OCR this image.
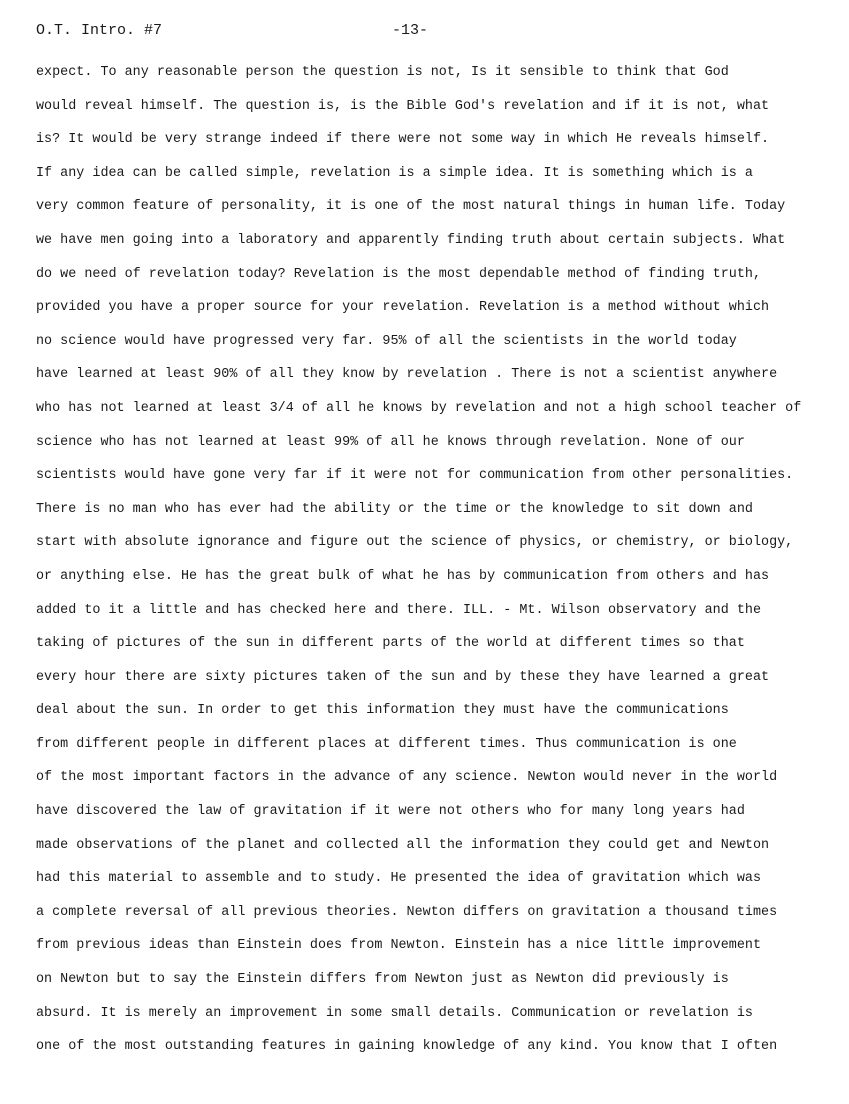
O.T. Intro. #7	-13-
expect. To any reasonable person the question is not, Is it sensible to think that God
would reveal himself. The question is, is the Bible God's revelation and if it is not, what
is? It would be very strange indeed if there were not some way in which He reveals himself.
If any idea can be called simple, revelation is a simple idea. It is something which is a
very common feature of personality, it is one of the most natural things in human life. Today
we have men going into a laboratory and apparently finding truth about certain subjects. What
do we need of revelation today? Revelation is the most dependable method of finding truth,
provided you have a proper source for your revelation. Revelation is a method without which
no science would have progressed very far. 95% of all the scientists in the world today
have learned at least 90% of all they know by revelation . There is not a scientist anywhere
who has not learned at least 3/4 of all he knows by revelation and not a high school teacher of
science who has not learned at least 99% of all he knows through revelation. None of our
scientists would have gone very far if it were not for communication from other personalities.
There is no man who has ever had the ability or the time or the knowledge to sit down and
start with absolute ignorance and figure out the science of physics, or chemistry, or biology,
or anything else. He has the great bulk of what he has by communication from others and has
added to it a little and has checked here and there. ILL. - Mt. Wilson observatory and the
taking of pictures of the sun in different parts of the world at different times so that
every hour there are sixty pictures taken of the sun and by these they have learned a great
deal about the sun. In order to get this information they must have the communications
from different people in different places at different times. Thus communication is one
of the most important factors in the advance of any science. Newton would never in the world
have discovered the law of gravitation if it were not others who for many long years had
made observations of the planet and collected all the information they could get and Newton
had this material to assemble and to study. He presented the idea of gravitation which was
a complete reversal of all previous theories. Newton differs on gravitation a thousand times
from previous ideas than Einstein does from Newton. Einstein has a nice little improvement
on Newton but to say the Einstein differs from Newton just as Newton did previously is
absurd. It is merely an improvement in some small details. Communication or revelation is
one of the most outstanding features in gaining knowledge of any kind. You know that I often
